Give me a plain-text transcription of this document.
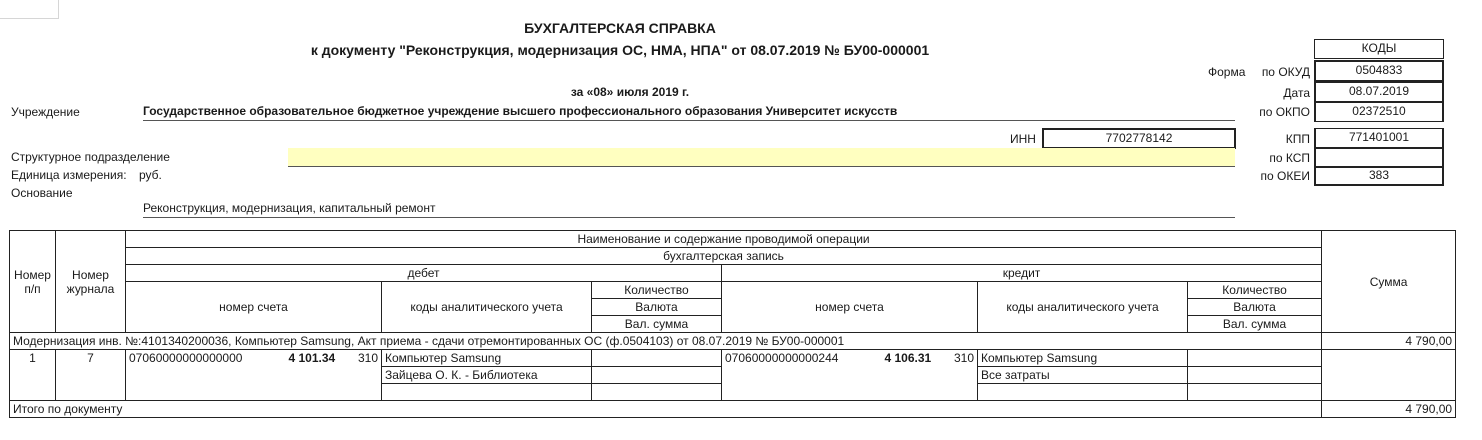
БУХГАЛТЕРСКАЯ СПРАВКА
к документу "Реконструкция, модернизация ОС, НМА, НПА" от 08.07.2019 № БУ00-000001
за «08» июля 2019 г.
КОДЫ
Форма	по ОКУД	0504833
Дата	08.07.2019
по ОКПО	02372510
КПП	771401001
по КСП
по ОКЕИ	383
Учреждение	Государственное образовательное бюджетное учреждение высшего профессионального образования Университет искусств
ИНН	7702778142
Структурное подразделение
Единица измерения: руб.
Основание
Реконструкция, модернизация, капитальный ремонт
Номер п/п	Номер журнала	Наименование и содержание проводимой операции										Сумма
		бухгалтерская запись										
		дебет					кредит					
		номер счета			коды аналитического учета	Количество	номер счета			коды аналитического учета	Количество	
						Валюта					Валюта	
						Вал. сумма					Вал. сумма	
Модернизация инв. №:4101340200036, Компьютер Samsung, Акт приема - сдачи отремонтированных ОС (ф.0504103) от 08.07.2019 № БУ00-000001												4 790,00
1	7	07060000000000000	4 101.34	310	Компьютер Samsung		07060000000000244	4 106.31	310	Компьютер Samsung		
					Зайцева О. К. - Библиотека					Все затраты		

Итого по документу												4 790,00
